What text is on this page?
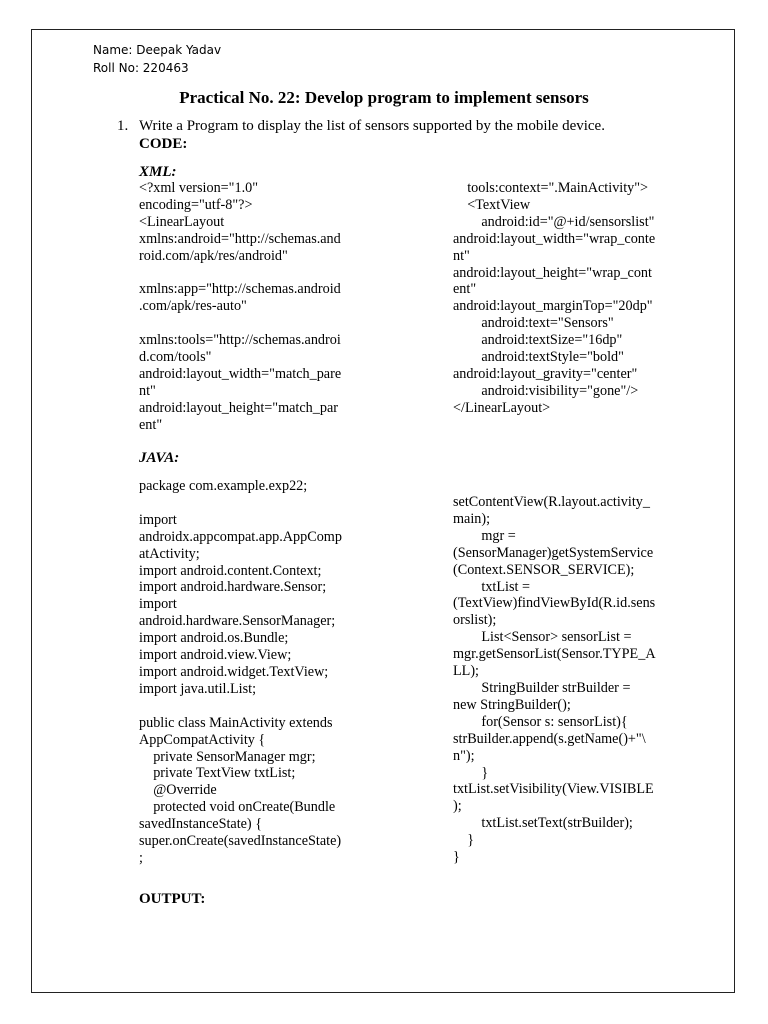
Name: Deepak Yadav
Roll No: 220463
Practical No. 22: Develop program to implement sensors
1. Write a Program to display the list of sensors supported by the mobile device.
CODE:
XML:
<?xml version="1.0"
encoding="utf-8"?>
<LinearLayout
xmlns:android="http://schemas.and
roid.com/apk/res/android"

xmlns:app="http://schemas.android
.com/apk/res-auto"

xmlns:tools="http://schemas.androi
d.com/tools"
android:layout_width="match_pare
nt"
android:layout_height="match_par
ent"
tools:context=".MainActivity">
<TextView
android:id="@+id/sensorslist"
android:layout_width="wrap_conte
nt"
android:layout_height="wrap_cont
ent"
android:layout_marginTop="20dp"
android:text="Sensors"
android:textSize="16dp"
android:textStyle="bold"
android:layout_gravity="center"
android:visibility="gone"/>
</LinearLayout>
JAVA:
package com.example.exp22;

import
androidx.appcompat.app.AppComp
atActivity;
import android.content.Context;
import android.hardware.Sensor;
import
android.hardware.SensorManager;
import android.os.Bundle;
import android.view.View;
import android.widget.TextView;
import java.util.List;

public class MainActivity extends
AppCompatActivity {
private SensorManager mgr;
private TextView txtList;
@Override
protected void onCreate(Bundle
savedInstanceState) {
super.onCreate(savedInstanceState)
;
setContentView(R.layout.activity_
main);
mgr =
(SensorManager)getSystemService
(Context.SENSOR_SERVICE);
txtList =
(TextView)findViewById(R.id.sens
orslist);
List<Sensor> sensorList =
mgr.getSensorList(Sensor.TYPE_A
LL);
StringBuilder strBuilder =
new StringBuilder();
for(Sensor s: sensorList){
strBuilder.append(s.getName()+"\
n");
}
txtList.setVisibility(View.VISIBLE
);
txtList.setText(strBuilder);
}
}
OUTPUT:
